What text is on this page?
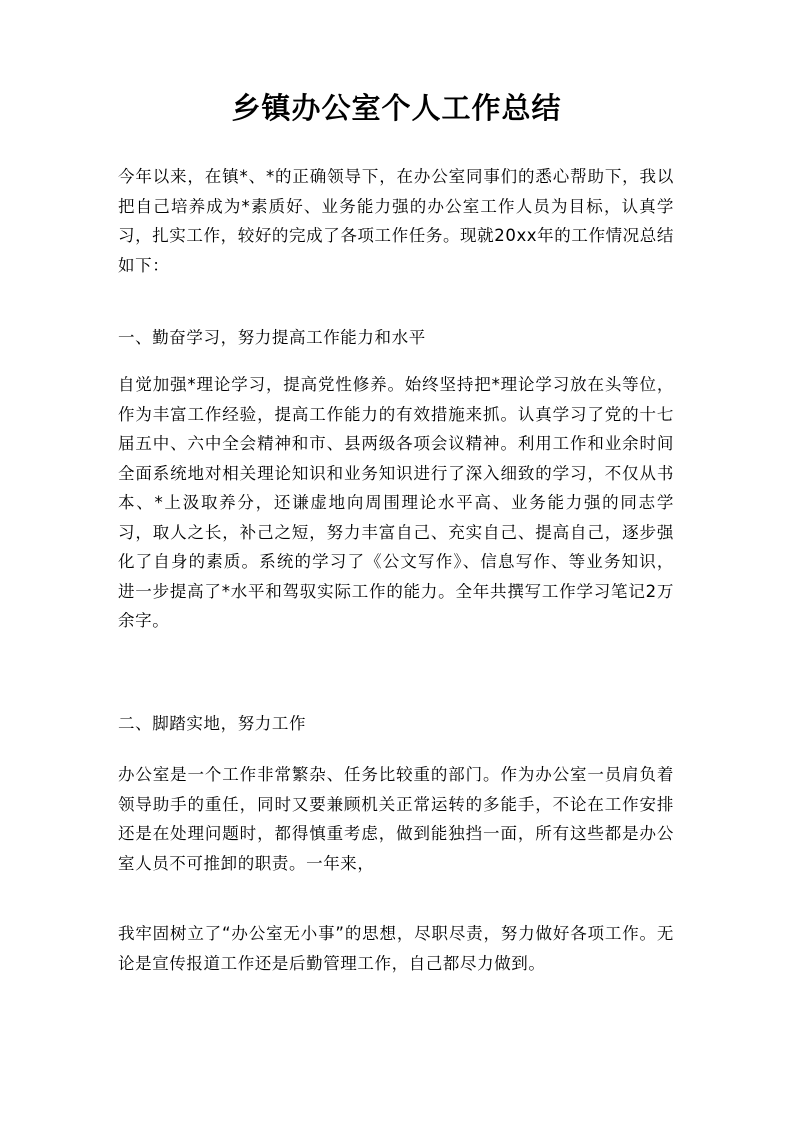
乡镇办公室个人工作总结

今年以来，在镇*、*的正确领导下，在办公室同事们的悉心帮助下，我以把自己培养成为*素质好、业务能力强的办公室工作人员为目标，认真学习，扎实工作，较好的完成了各项工作任务。现就20xx年的工作情况总结如下：

一、勤奋学习，努力提高工作能力和水平

自觉加强*理论学习，提高党性修养。始终坚持把*理论学习放在头等位，作为丰富工作经验，提高工作能力的有效措施来抓。认真学习了党的十七届五中、六中全会精神和市、县两级各项会议精神。利用工作和业余时间全面系统地对相关理论知识和业务知识进行了深入细致的学习，不仅从书本、*上汲取养分，还谦虚地向周围理论水平高、业务能力强的同志学习，取人之长，补己之短，努力丰富自己、充实自己、提高自己，逐步强化了自身的素质。系统的学习了《公文写作》、信息写作、等业务知识，进一步提高了*水平和驾驭实际工作的能力。全年共撰写工作学习笔记2万余字。

二、脚踏实地，努力工作

办公室是一个工作非常繁杂、任务比较重的部门。作为办公室一员肩负着领导助手的重任，同时又要兼顾机关正常运转的多能手，不论在工作安排还是在处理问题时，都得慎重考虑，做到能独挡一面，所有这些都是办公室人员不可推卸的职责。一年来，

我牢固树立了“办公室无小事”的思想，尽职尽责，努力做好各项工作。无论是宣传报道工作还是后勤管理工作，自己都尽力做到。
